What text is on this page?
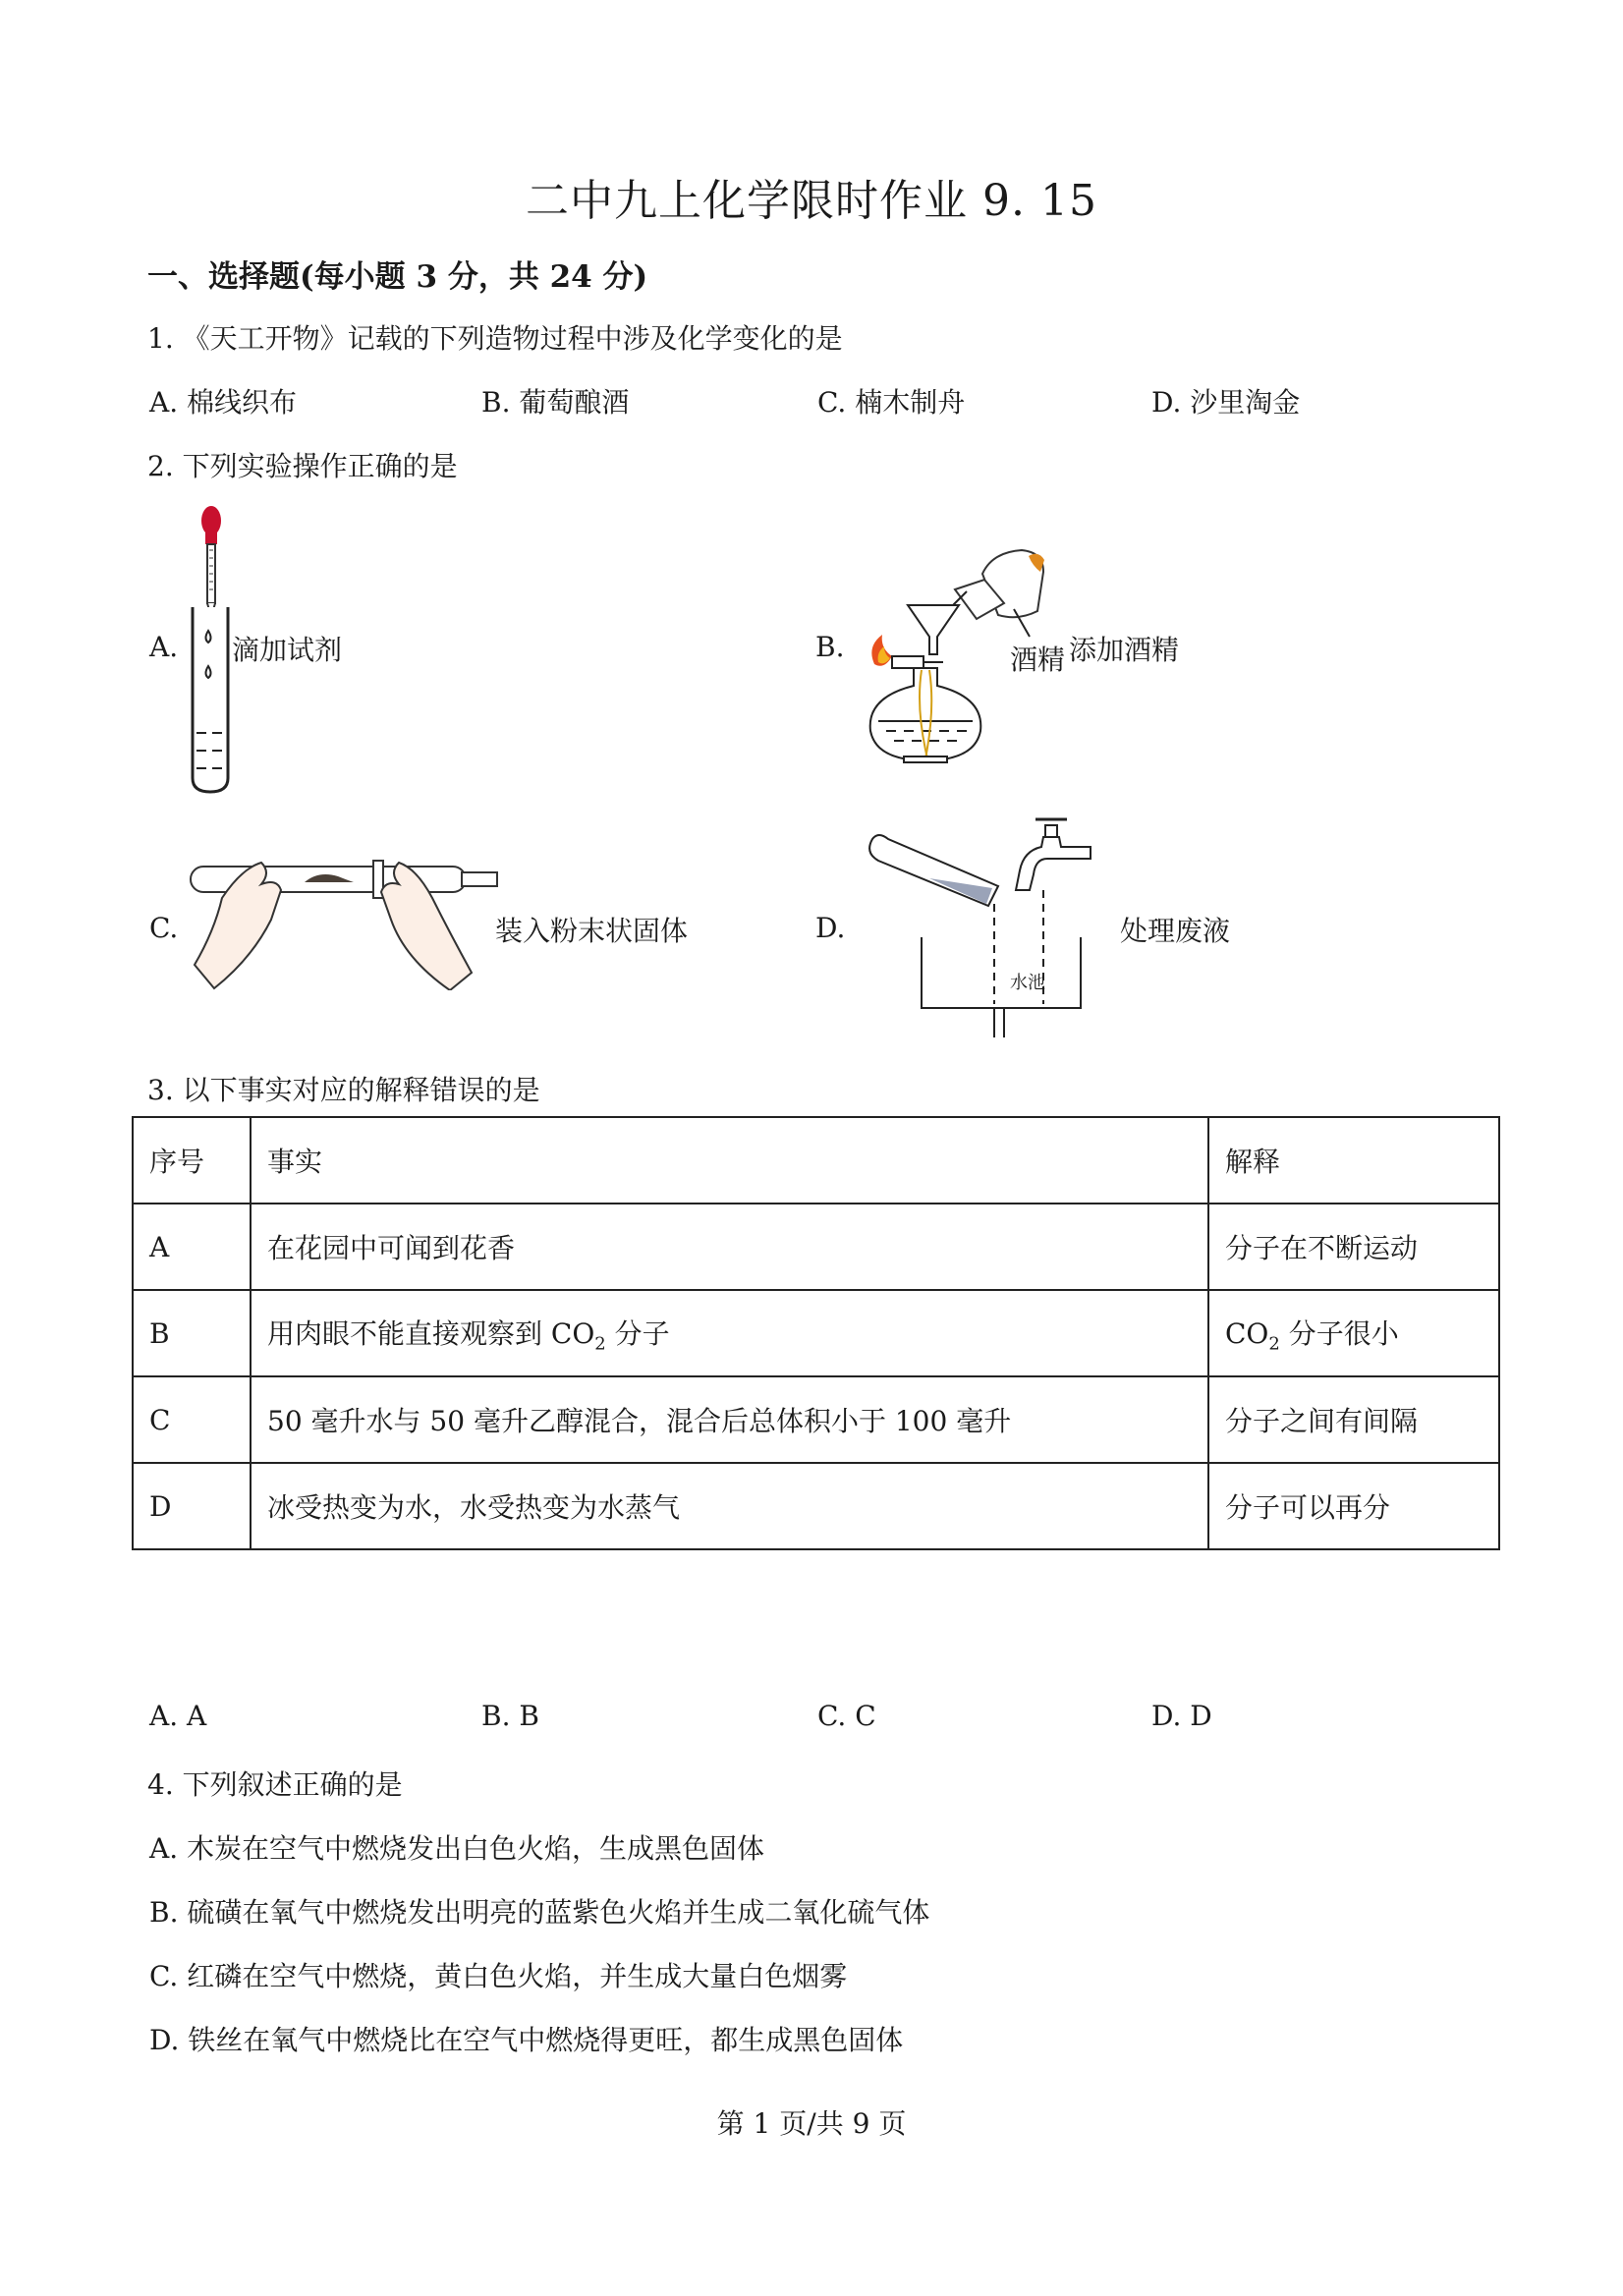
二中九上化学限时作业 9. 15
一、选择题(每小题 3 分，共 24 分)
1. 《天工开物》记载的下列造物过程中涉及化学变化的是
A. 棉线织布	B. 葡萄酿酒	C. 楠木制舟	D. 沙里淘金
2. 下列实验操作正确的是
A. 滴加试剂	B.	酒精 添加酒精
C.	装入粉末状固体	D.
水池
处理废液
3. 以下事实对应的解释错误的是
序号	事实	解释
A	在花园中可闻到花香	分子在不断运动
B	用肉眼不能直接观察到 $CO_2$ 分子	$CO_2$ 分子很小
C	50 毫升水与 50 毫升乙醇混合，混合后总体积小于 100 毫升	分子之间有间隔
D	冰受热变为水，水受热变为水蒸气	分子可以再分
A. A	B. B	C. C	D. D
4. 下列叙述正确的是
A. 木炭在空气中燃烧发出白色火焰，生成黑色固体
B. 硫磺在氧气中燃烧发出明亮的蓝紫色火焰并生成二氧化硫气体
C. 红磷在空气中燃烧，黄白色火焰，并生成大量白色烟雾
D. 铁丝在氧气中燃烧比在空气中燃烧得更旺，都生成黑色固体
第 1 页/共 9 页
